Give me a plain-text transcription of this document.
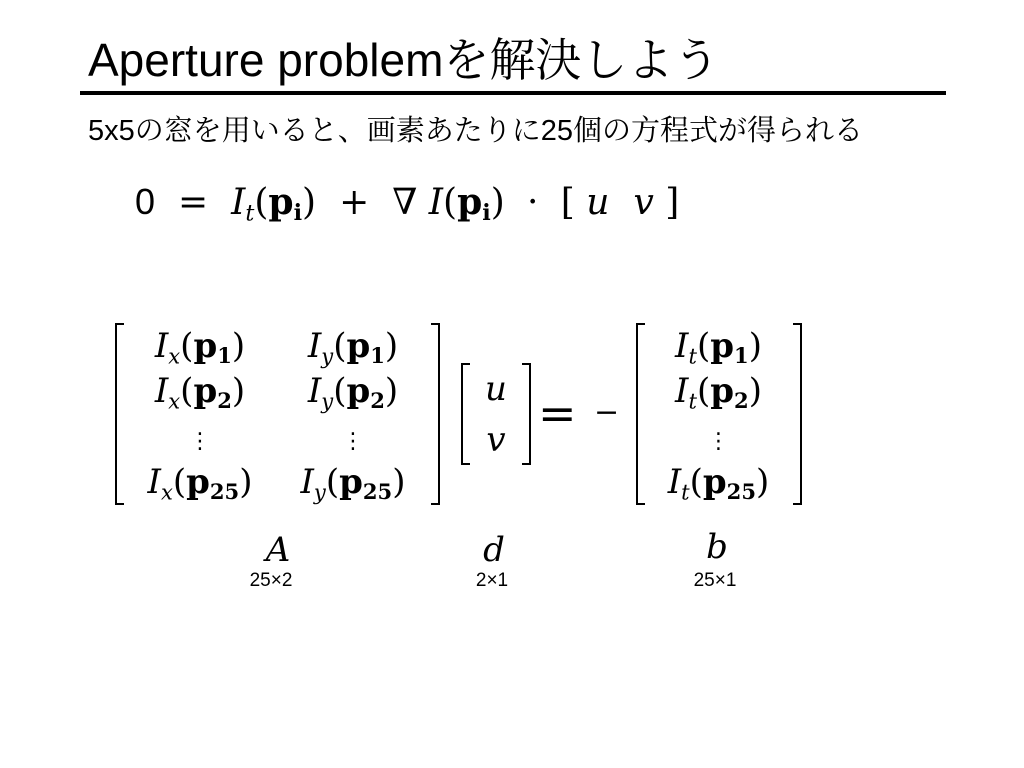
Aperture problemを解決しよう
5x5の窓を用いると、画素あたりに25個の方程式が得られる
0 = It(pi) + ∇ I(pi) · [ u v ]
Ix(p1) Iy(p1)
Ix(p2) Iy(p2)
⋮	⋮
Ix(p25) Iy(p25)
u
v = −
It(p1)
It(p2)
⋮
It(p25)
A
25×2
d
2×1
b
25×1
